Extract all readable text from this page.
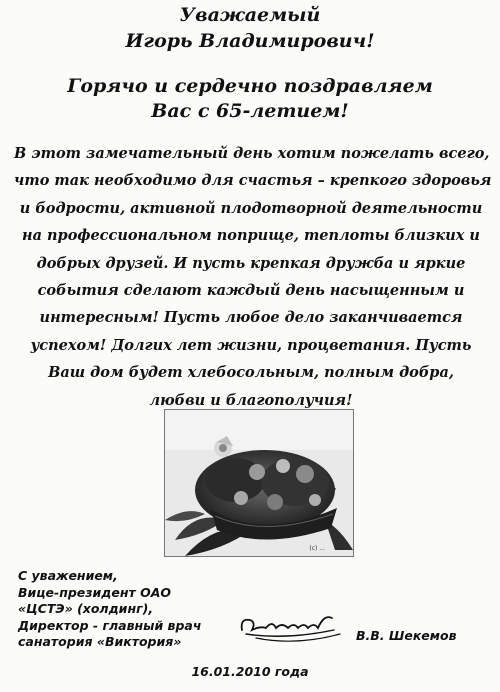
Уважаемый
Игорь Владимирович!
Горячо и сердечно поздравляем
Вас с 65-летием!
В этот замечательный день хотим пожелать всего,
что так необходимо для счастья – крепкого здоровья
и бодрости, активной плодотворной деятельности
на профессиональном поприще, теплоты близких и
добрых друзей. И пусть крепкая дружба и яркие
события сделают каждый день насыщенным и
интересным! Пусть любое дело заканчивается
успехом! Долгих лет жизни, процветания. Пусть
Ваш дом будет хлебосольным, полным добра,
любви и благополучия!
(c) ...
С уважением,
Вице-президент ОАО
«ЦСТЭ» (холдинг),
Директор - главный врач
санатория «Виктория»	В.В. Шекемов
16.01.2010 года
